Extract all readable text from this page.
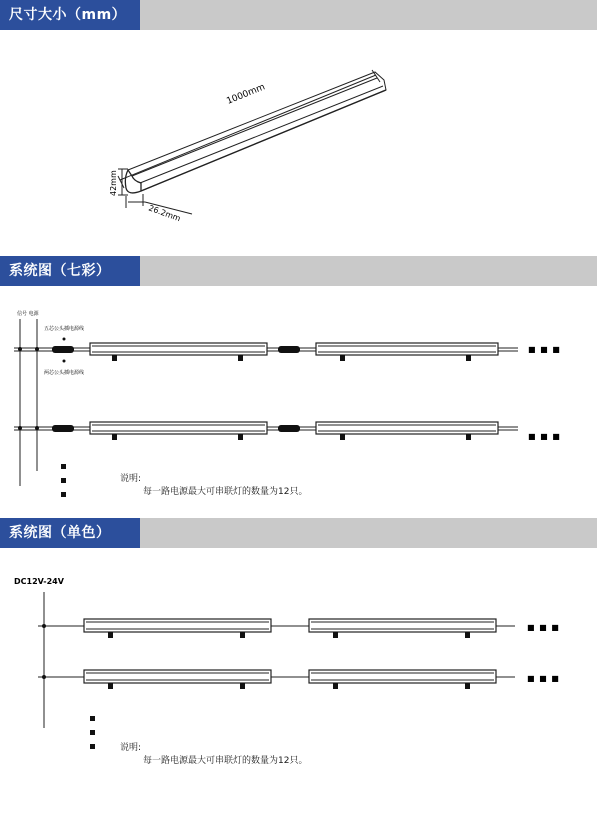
尺寸大小（mm）
1000mm
42mm
26.2mm
系统图（七彩）
信号 电源
五芯公头插电源线
两芯公头插电源线
■ ■ ■
■ ■ ■
说明:
每一路电源最大可串联灯的数量为12只。
系统图（单色）
DC12V-24V
■ ■ ■
■ ■ ■
说明:
每一路电源最大可串联灯的数量为12只。
